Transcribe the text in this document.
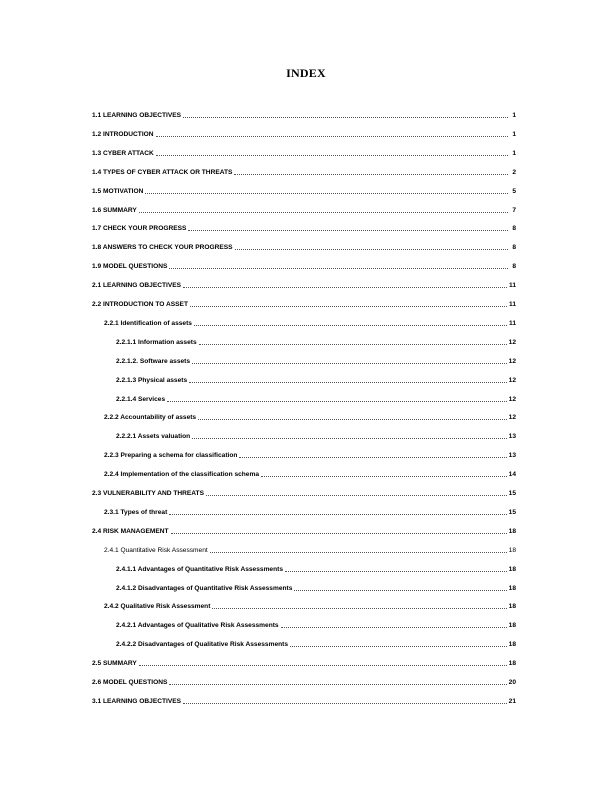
INDEX
1.1 LEARNING OBJECTIVES	1
1.2 INTRODUCTION	1
1.3 CYBER ATTACK	1
1.4 TYPES OF CYBER ATTACK OR THREATS	2
1.5 MOTIVATION	5
1.6 SUMMARY	7
1.7 CHECK YOUR PROGRESS	8
1.8 ANSWERS TO CHECK YOUR PROGRESS	8
1.9 MODEL QUESTIONS	8
2.1 LEARNING OBJECTIVES	11
2.2 INTRODUCTION TO ASSET	11
2.2.1 Identification of assets	11
2.2.1.1 Information assets	12
2.2.1.2. Software assets	12
2.2.1.3 Physical assets	12
2.2.1.4 Services	12
2.2.2 Accountability of assets	12
2.2.2.1 Assets valuation	13
2.2.3 Preparing a schema for classification	13
2.2.4 Implementation of the classification schema	14
2.3 VULNERABILITY AND THREATS	15
2.3.1 Types of threat	15
2.4 RISK MANAGEMENT	18
2.4.1 Quantitative Risk Assessment	18
2.4.1.1 Advantages of Quantitative Risk Assessments	18
2.4.1.2 Disadvantages of Quantitative Risk Assessments	18
2.4.2 Qualitative Risk Assessment	18
2.4.2.1 Advantages of Qualitative Risk Assessments	18
2.4.2.2 Disadvantages of Qualitative Risk Assessments	18
2.5 SUMMARY	18
2.6 MODEL QUESTIONS	20
3.1 LEARNING OBJECTIVES	21
